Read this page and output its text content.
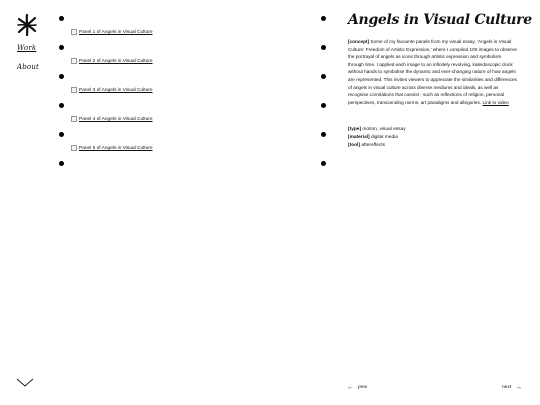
Work
About
Panel 1 of Angels in Visual Culture
Panel 2 of Angels in Visual Culture
Panel 3 of Angels in Visual Culture
Panel 4 of Angels in Visual Culture
Panel 5 of Angels in Visual Culture
Angels in Visual Culture

[concept] Some of my favourite panels from my visual essay, 'Angels in Visual Culture: Freedom of Artistic Expression,' where I compiled 100 images to observe the portrayal of angels as icons through artistic expression and symbolism through time. I applied each image to an infinitely revolving, kaleidoscopic clock without hands to symbolise the dynamic and ever-changing nature of how angels are represented. This invites viewers to appreciate the similarities and differences of angels in visual culture across diverse mediums and ideals, as well as recognise correlations that coexist - such as reflections of religion, personal perspectives, transcending norms, art paradigms and allegories. Link to video

[type] motion, visual essay
[material] digital media
[tool] aftereffects
← prev	next →
